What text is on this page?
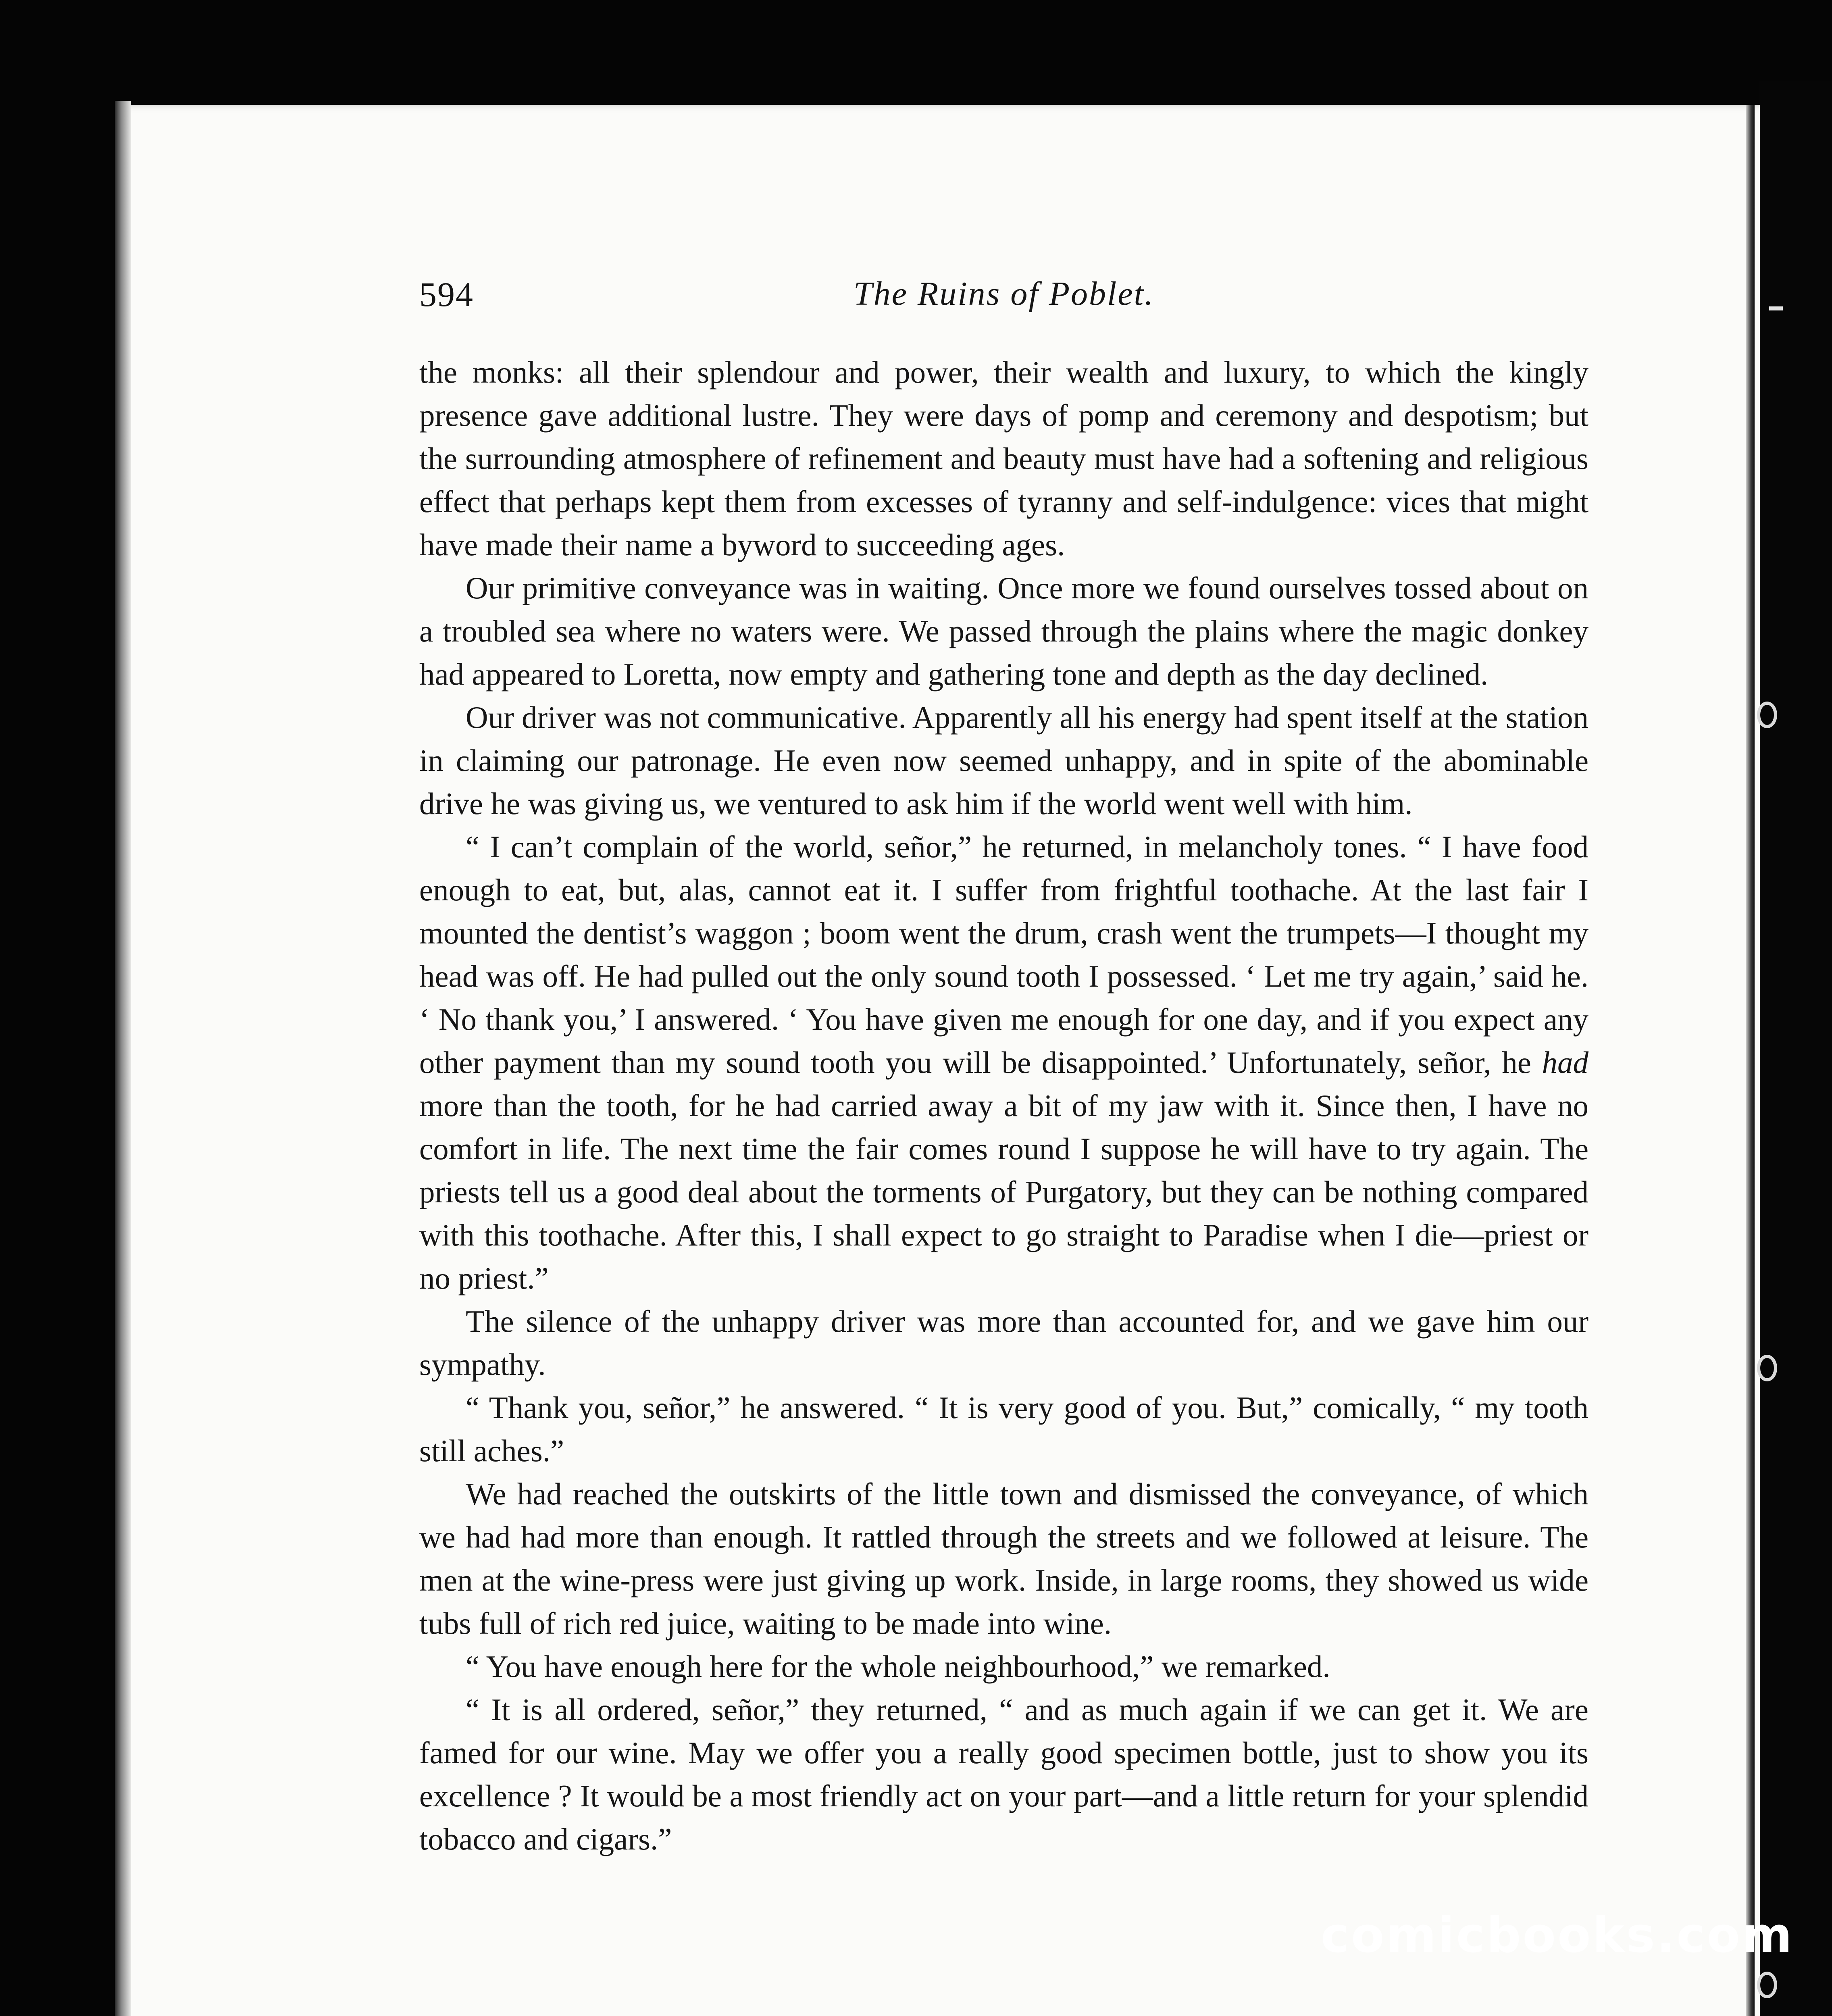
594	The Ruins of Poblet.

the monks: all their splendour and power, their wealth and luxury, to which the kingly presence gave additional lustre. They were days of pomp and ceremony and despotism; but the surrounding atmosphere of refinement and beauty must have had a softening and religious effect that perhaps kept them from excesses of tyranny and self-indulgence: vices that might have made their name a byword to succeeding ages.

Our primitive conveyance was in waiting. Once more we found ourselves tossed about on a troubled sea where no waters were. We passed through the plains where the magic donkey had appeared to Loretta, now empty and gathering tone and depth as the day declined.

Our driver was not communicative. Apparently all his energy had spent itself at the station in claiming our patronage. He even now seemed unhappy, and in spite of the abominable drive he was giving us, we ventured to ask him if the world went well with him.

“ I can’t complain of the world, señor,” he returned, in melancholy tones. “ I have food enough to eat, but, alas, cannot eat it. I suffer from frightful toothache. At the last fair I mounted the dentist’s waggon ; boom went the drum, crash went the trumpets—I thought my head was off. He had pulled out the only sound tooth I possessed. ‘ Let me try again,’ said he. ‘ No thank you,’ I answered. ‘ You have given me enough for one day, and if you expect any other payment than my sound tooth you will be disappointed.’ Unfortunately, señor, he had more than the tooth, for he had carried away a bit of my jaw with it. Since then, I have no comfort in life. The next time the fair comes round I suppose he will have to try again. The priests tell us a good deal about the torments of Purgatory, but they can be nothing compared with this toothache. After this, I shall expect to go straight to Paradise when I die—priest or no priest.”

The silence of the unhappy driver was more than accounted for, and we gave him our sympathy.

“ Thank you, señor,” he answered. “ It is very good of you. But,” comically, “ my tooth still aches.”

We had reached the outskirts of the little town and dismissed the conveyance, of which we had had more than enough. It rattled through the streets and we followed at leisure. The men at the wine-press were just giving up work. Inside, in large rooms, they showed us wide tubs full of rich red juice, waiting to be made into wine.

“ You have enough here for the whole neighbourhood,” we remarked.

“ It is all ordered, señor,” they returned, “ and as much again if we can get it. We are famed for our wine. May we offer you a really good specimen bottle, just to show you its excellence ? It would be a most friendly act on your part—and a little return for your splendid tobacco and cigars.”

comicbooks.com
